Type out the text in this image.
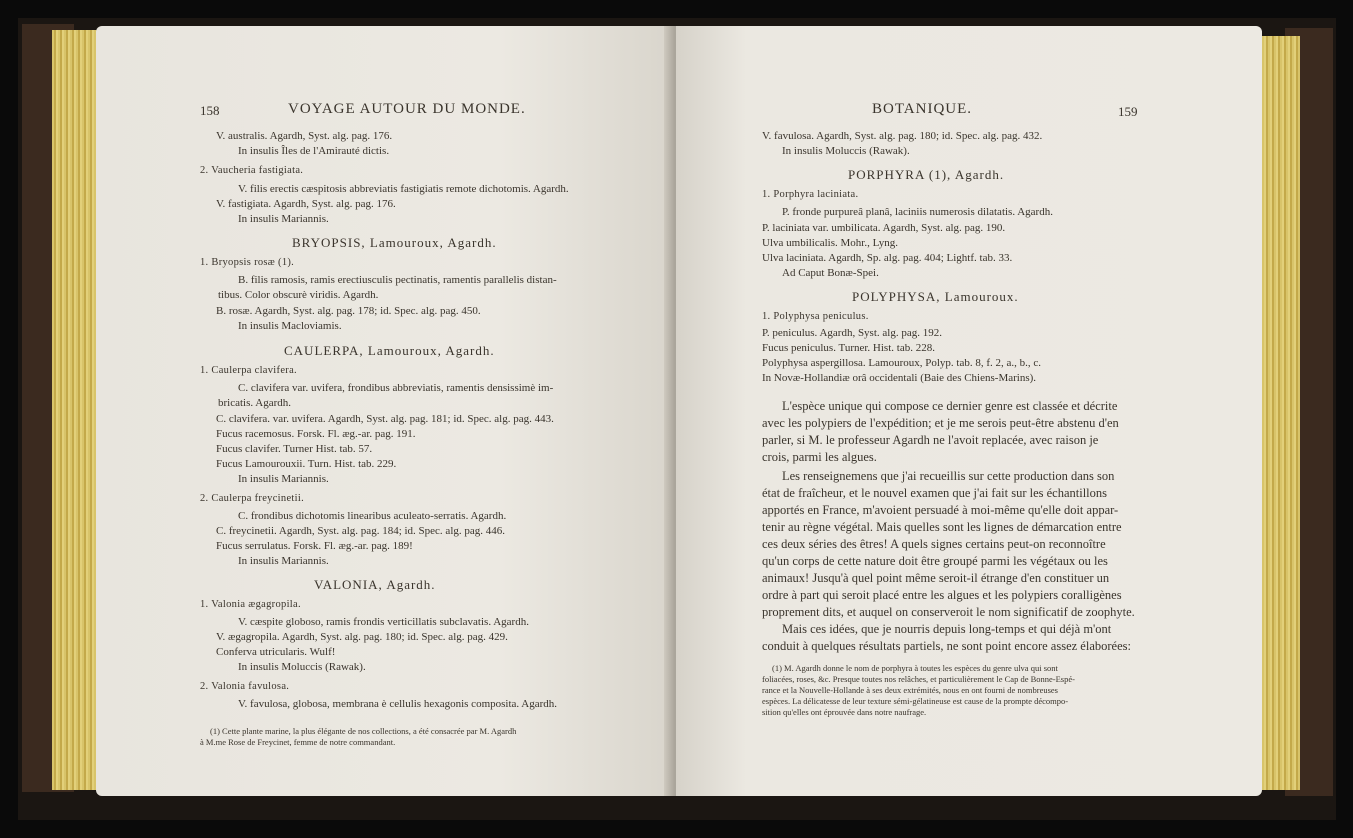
158	VOYAGE AUTOUR DU MONDE.
V. australis. Agardh, Syst. alg. pag. 176.
In insulis Îles de l'Amirauté dictis.
2. Vaucheria fastigiata.
V. filis erectis cæspitosis abbreviatis fastigiatis remote dichotomis. Agardh.
V. fastigiata. Agardh, Syst. alg. pag. 176.
In insulis Mariannis.
BRYOPSIS, Lamouroux, Agardh.
1. Bryopsis rosæ (1).
B. filis ramosis, ramis erectiusculis pectinatis, ramentis parallelis distan-
tibus. Color obscurè viridis. Agardh.
B. rosæ. Agardh, Syst. alg. pag. 178; id. Spec. alg. pag. 450.
In insulis Macloviamis.
CAULERPA, Lamouroux, Agardh.
1. Caulerpa clavifera.
C. clavifera var. uvifera, frondibus abbreviatis, ramentis densissimè im-
bricatis. Agardh.
C. clavifera. var. uvifera. Agardh, Syst. alg. pag. 181; id. Spec. alg. pag. 443.
Fucus racemosus. Forsk. Fl. æg.-ar. pag. 191.
Fucus clavifer. Turner Hist. tab. 57.
Fucus Lamourouxii. Turn. Hist. tab. 229.
In insulis Mariannis.
2. Caulerpa freycinetii.
C. frondibus dichotomis linearibus aculeato-serratis. Agardh.
C. freycinetii. Agardh, Syst. alg. pag. 184; id. Spec. alg. pag. 446.
Fucus serrulatus. Forsk. Fl. æg.-ar. pag. 189!
In insulis Mariannis.
VALONIA, Agardh.
1. Valonia ægagropila.
V. cæspite globoso, ramis frondis verticillatis subclavatis. Agardh.
V. ægagropila. Agardh, Syst. alg. pag. 180; id. Spec. alg. pag. 429.
Conferva utricularis. Wulf!
In insulis Moluccis (Rawak).
2. Valonia favulosa.
V. favulosa, globosa, membrana è cellulis hexagonis composita. Agardh.
(1) Cette plante marine, la plus élégante de nos collections, a été consacrée par M. Agardh
à M.me Rose de Freycinet, femme de notre commandant.
BOTANIQUE.	159
V. favulosa. Agardh, Syst. alg. pag. 180; id. Spec. alg. pag. 432.
In insulis Moluccis (Rawak).
PORPHYRA (1), Agardh.
1. Porphyra laciniata.
P. fronde purpureâ planâ, laciniis numerosis dilatatis. Agardh.
P. laciniata var. umbilicata. Agardh, Syst. alg. pag. 190.
Ulva umbilicalis. Mohr., Lyng.
Ulva laciniata. Agardh, Sp. alg. pag. 404; Lightf. tab. 33.
Ad Caput Bonæ-Spei.
POLYPHYSA, Lamouroux.
1. Polyphysa peniculus.
P. peniculus. Agardh, Syst. alg. pag. 192.
Fucus peniculus. Turner. Hist. tab. 228.
Polyphysa aspergillosa. Lamouroux, Polyp. tab. 8, f. 2, a., b., c.
In Novæ-Hollandiæ orâ occidentali (Baie des Chiens-Marins).
L'espèce unique qui compose ce dernier genre est classée et décrite
avec les polypiers de l'expédition; et je me serois peut-être abstenu d'en
parler, si M. le professeur Agardh ne l'avoit replacée, avec raison je
crois, parmi les algues.
Les renseignemens que j'ai recueillis sur cette production dans son
état de fraîcheur, et le nouvel examen que j'ai fait sur les échantillons
apportés en France, m'avoient persuadé à moi-même qu'elle doit appar-
tenir au règne végétal. Mais quelles sont les lignes de démarcation entre
ces deux séries des êtres! A quels signes certains peut-on reconnoître
qu'un corps de cette nature doit être groupé parmi les végétaux ou les
animaux! Jusqu'à quel point même seroit-il étrange d'en constituer un
ordre à part qui seroit placé entre les algues et les polypiers coralligènes
proprement dits, et auquel on conserveroit le nom significatif de zoophyte.
Mais ces idées, que je nourris depuis long-temps et qui déjà m'ont
conduit à quelques résultats partiels, ne sont point encore assez élaborées:
(1) M. Agardh donne le nom de porphyra à toutes les espèces du genre ulva qui sont
foliacées, roses, &c. Presque toutes nos relâches, et particulièrement le Cap de Bonne-Espé-
rance et la Nouvelle-Hollande à ses deux extrémités, nous en ont fourni de nombreuses
espèces. La délicatesse de leur texture sémi-gélatineuse est cause de la prompte décompo-
sition qu'elles ont éprouvée dans notre naufrage.
